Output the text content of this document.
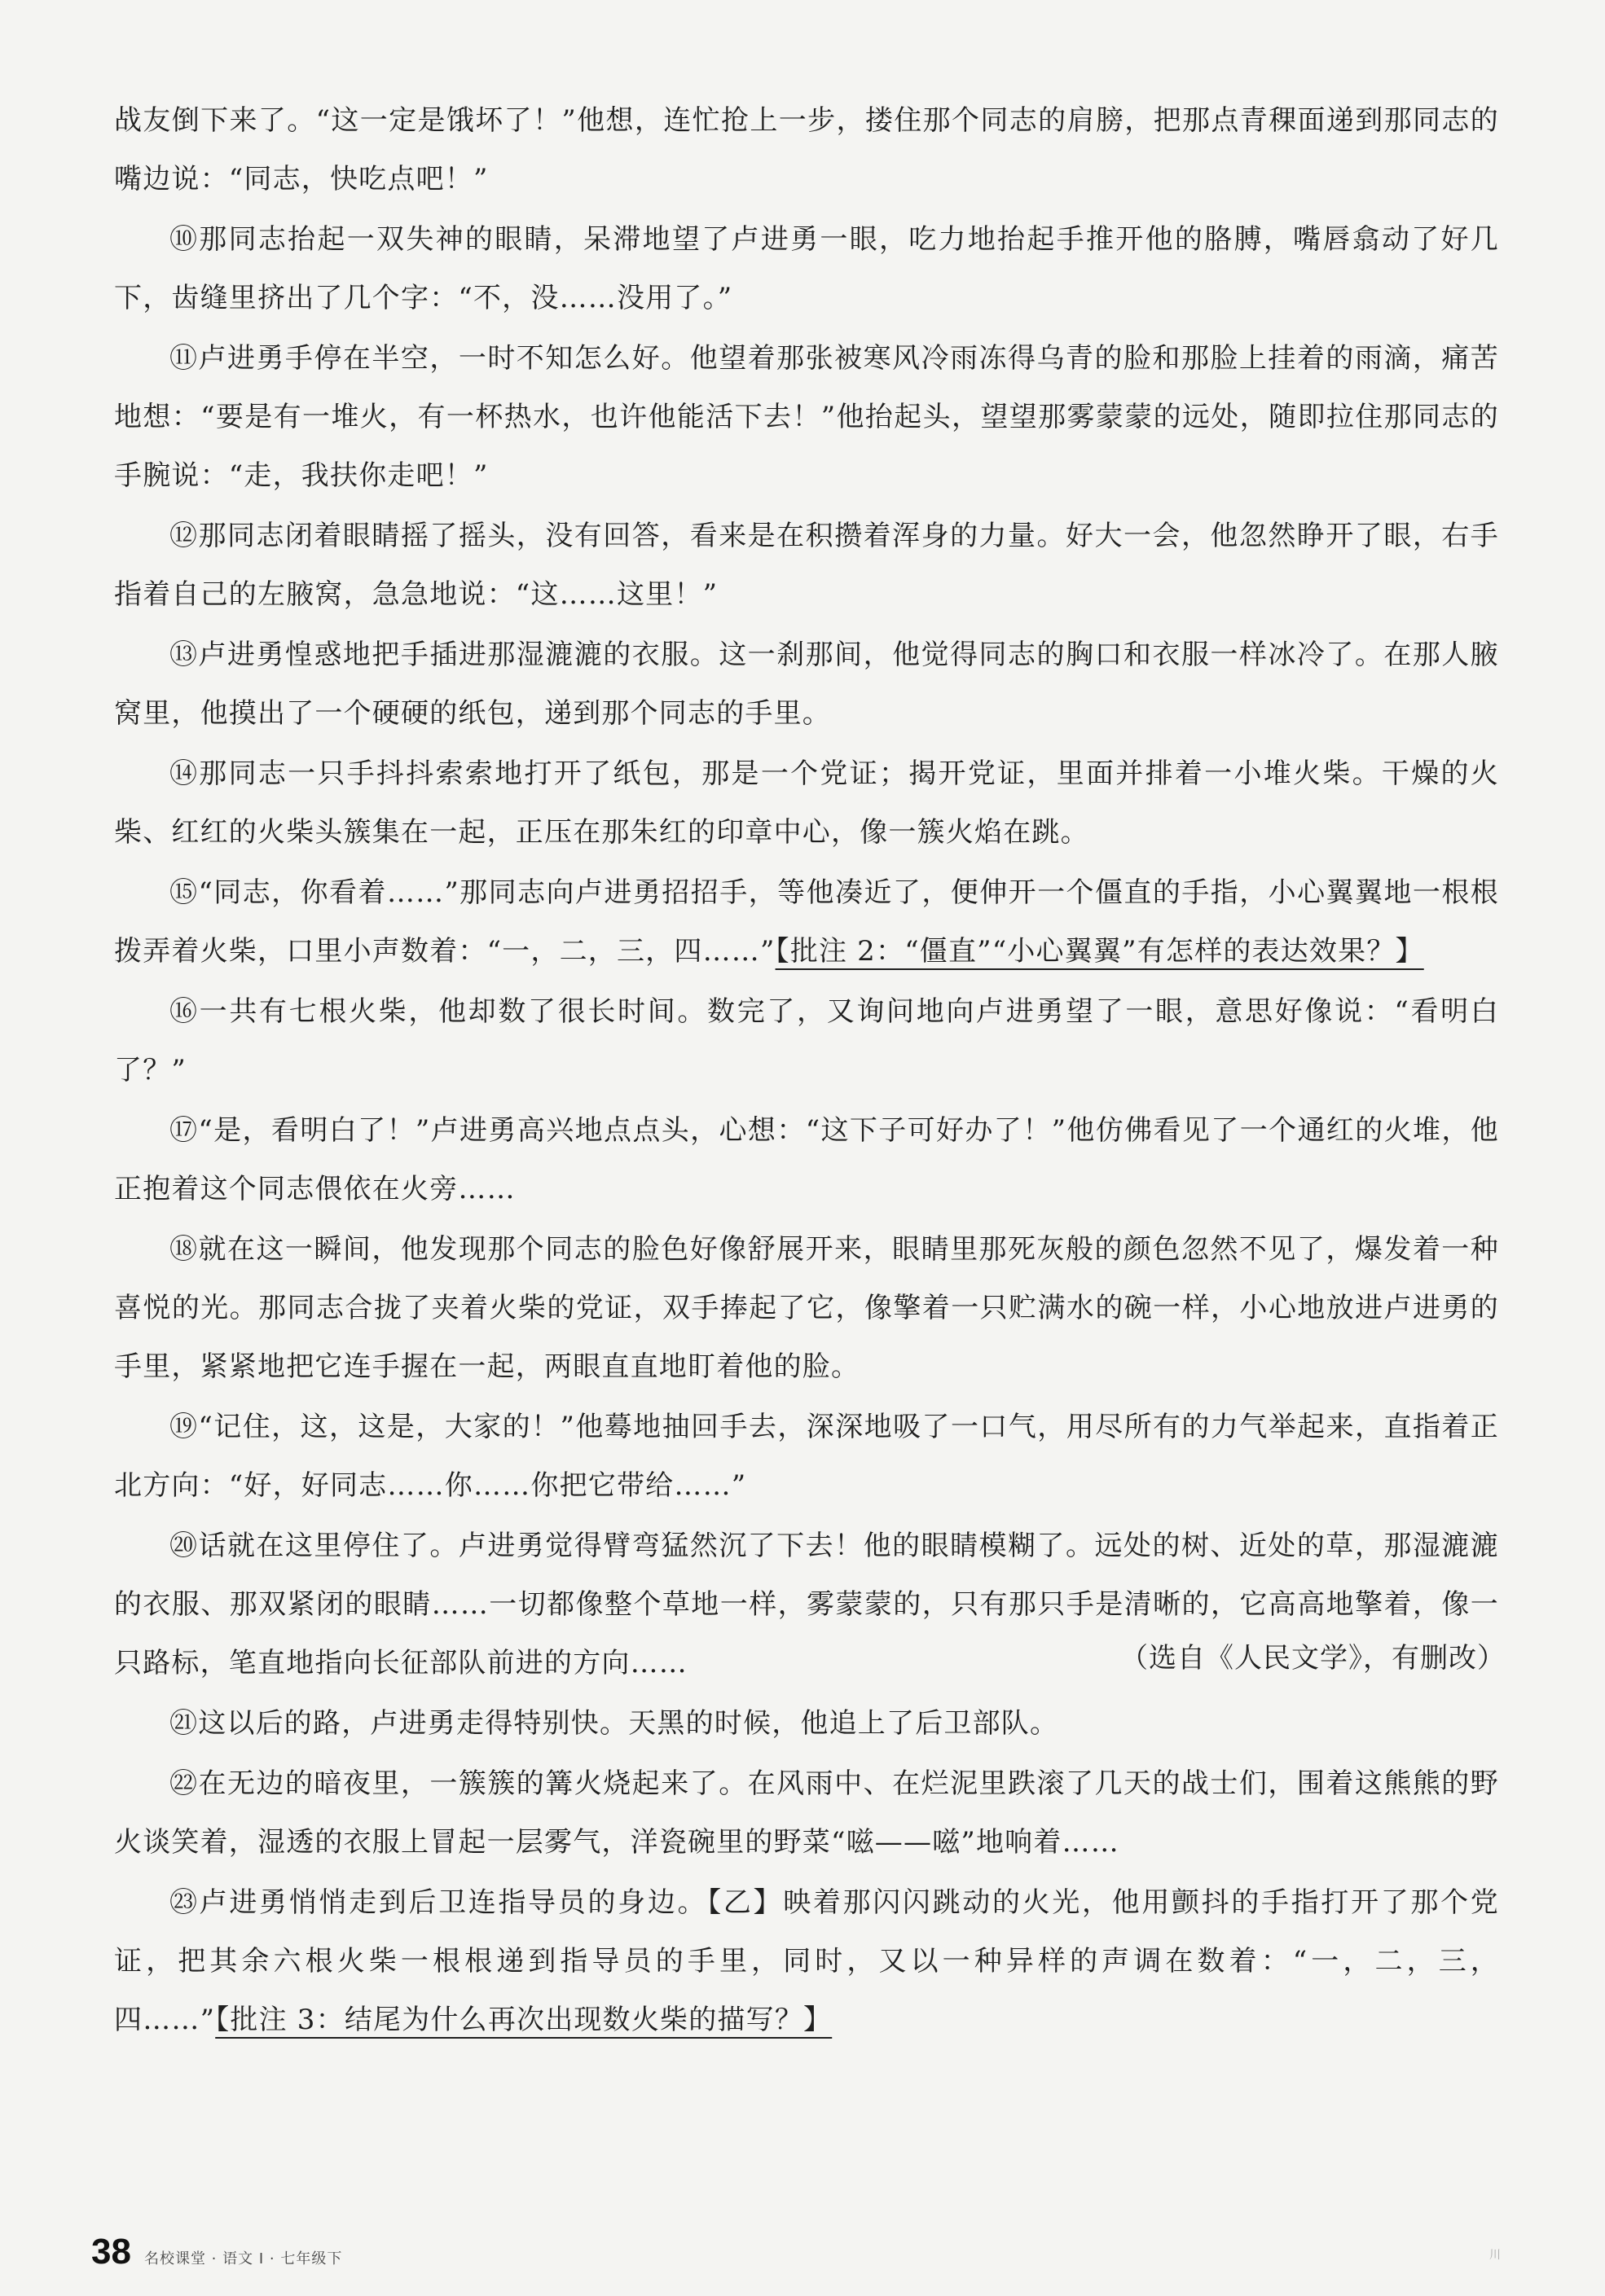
战友倒下来了。“这一定是饿坏了！”他想，连忙抢上一步，搂住那个同志的肩膀，把那点青稞面递到那同志的嘴边说：“同志，快吃点吧！”

⑩那同志抬起一双失神的眼睛，呆滞地望了卢进勇一眼，吃力地抬起手推开他的胳膊，嘴唇翕动了好几下，齿缝里挤出了几个字：“不，没……没用了。”

⑪卢进勇手停在半空，一时不知怎么好。他望着那张被寒风冷雨冻得乌青的脸和那脸上挂着的雨滴，痛苦地想：“要是有一堆火，有一杯热水，也许他能活下去！”他抬起头，望望那雾蒙蒙的远处，随即拉住那同志的手腕说：“走，我扶你走吧！”

⑫那同志闭着眼睛摇了摇头，没有回答，看来是在积攒着浑身的力量。好大一会，他忽然睁开了眼，右手指着自己的左腋窝，急急地说：“这……这里！”

⑬卢进勇惶惑地把手插进那湿漉漉的衣服。这一刹那间，他觉得同志的胸口和衣服一样冰冷了。在那人腋窝里，他摸出了一个硬硬的纸包，递到那个同志的手里。

⑭那同志一只手抖抖索索地打开了纸包，那是一个党证；揭开党证，里面并排着一小堆火柴。干燥的火柴、红红的火柴头簇集在一起，正压在那朱红的印章中心，像一簇火焰在跳。

⑮“同志，你看着……”那同志向卢进勇招招手，等他凑近了，便伸开一个僵直的手指，小心翼翼地一根根拨弄着火柴，口里小声数着：“一，二，三，四……”【批注 2：“僵直”“小心翼翼”有怎样的表达效果？】

⑯一共有七根火柴，他却数了很长时间。数完了，又询问地向卢进勇望了一眼，意思好像说：“看明白了？”

⑰“是，看明白了！”卢进勇高兴地点点头，心想：“这下子可好办了！”他仿佛看见了一个通红的火堆，他正抱着这个同志偎依在火旁……

⑱就在这一瞬间，他发现那个同志的脸色好像舒展开来，眼睛里那死灰般的颜色忽然不见了，爆发着一种喜悦的光。那同志合拢了夹着火柴的党证，双手捧起了它，像擎着一只贮满水的碗一样，小心地放进卢进勇的手里，紧紧地把它连手握在一起，两眼直直地盯着他的脸。

⑲“记住，这，这是，大家的！”他蓦地抽回手去，深深地吸了一口气，用尽所有的力气举起来，直指着正北方向：“好，好同志……你……你把它带给……”

⑳话就在这里停住了。卢进勇觉得臂弯猛然沉了下去！他的眼睛模糊了。远处的树、近处的草，那湿漉漉的衣服、那双紧闭的眼睛……一切都像整个草地一样，雾蒙蒙的，只有那只手是清晰的，它高高地擎着，像一只路标，笔直地指向长征部队前进的方向……

㉑这以后的路，卢进勇走得特别快。天黑的时候，他追上了后卫部队。

㉒在无边的暗夜里，一簇簇的篝火烧起来了。在风雨中、在烂泥里跌滚了几天的战士们，围着这熊熊的野火谈笑着，湿透的衣服上冒起一层雾气，洋瓷碗里的野菜“嗞——嗞”地响着……

㉓卢进勇悄悄走到后卫连指导员的身边。【乙】映着那闪闪跳动的火光，他用颤抖的手指打开了那个党证，把其余六根火柴一根根递到指导员的手里，同时，又以一种异样的声调在数着：“一，二，三，四……”【批注 3：结尾为什么再次出现数火柴的描写？】

（选自《人民文学》，有删改）
38 名校课堂 · 语文 I · 七年级下	川
